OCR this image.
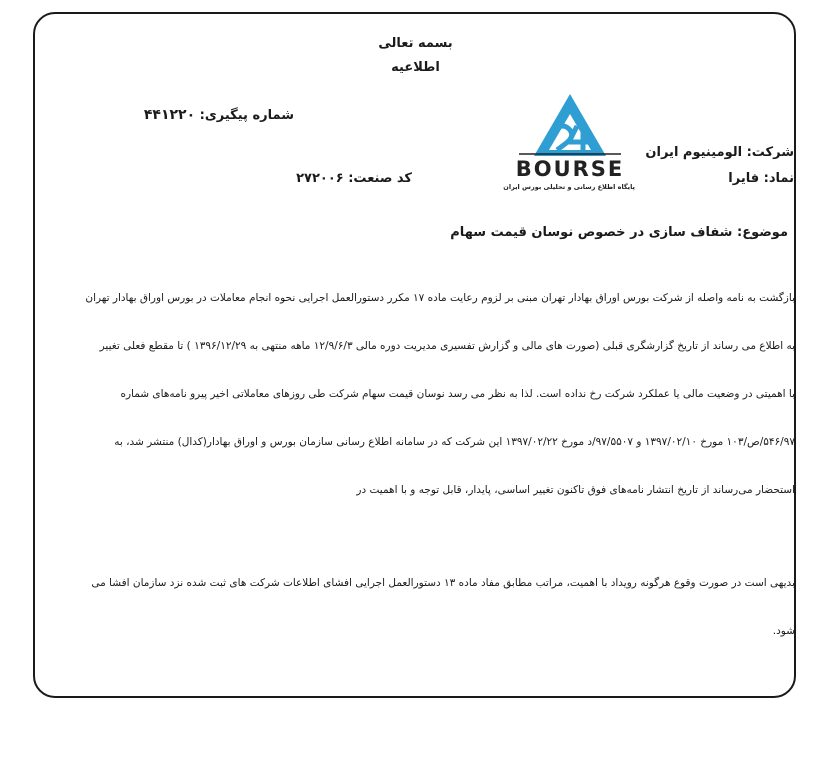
بسمه تعالی
اطلاعیه
شماره پیگیری: ۴۴۱۲۲۰
BOURSE
پایگاه اطلاع رسانی و تحلیلی بورس ایران
شرکت: الومینیوم ایران
نماد: فایرا
کد صنعت: ۲۷۲۰۰۶
موضوع: شفاف سازی در خصوص نوسان قیمت سهام
بازگشت به نامه واصله از شرکت بورس اوراق بهادار تهران مبنی بر لزوم رعایت ماده ۱۷ مکرر دستورالعمل اجرایی نحوه انجام معاملات در بورس اوراق بهادار تهران
به اطلاع می رساند از تاریخ گزارشگری قبلی (صورت های مالی و گزارش تفسیری مدیریت دوره مالی ۱۲/۹/۶/۳ ماهه منتهی به ۱۳۹۶/۱۲/۲۹ ) تا مقطع فعلی تغییر
با اهمیتی در وضعیت مالی یا عملکرد شرکت رخ نداده است. لذا به نظر می رسد نوسان قیمت سهام شرکت طی روزهای معاملاتی اخیر پیرو نامه‌های شماره
۵۴۶/۹۷/ص/۱۰۳ مورخ ۱۳۹۷/۰۲/۱۰ و ۹۷/۵۵۰۷/د مورخ ۱۳۹۷/۰۲/۲۲ این شرکت که در سامانه اطلاع رسانی سازمان بورس و اوراق بهادار(کدال) منتشر شد، به
استحضار می‌رساند از تاریخ انتشار نامه‌های فوق تاکنون تغییر اساسی، پایدار، قابل توجه و با اهمیت در
بدیهی است در صورت وقوع هرگونه رویداد با اهمیت، مراتب مطابق مفاد ماده ۱۳ دستورالعمل اجرایی افشای اطلاعات شرکت های ثبت شده نزد سازمان افشا می
شود.
